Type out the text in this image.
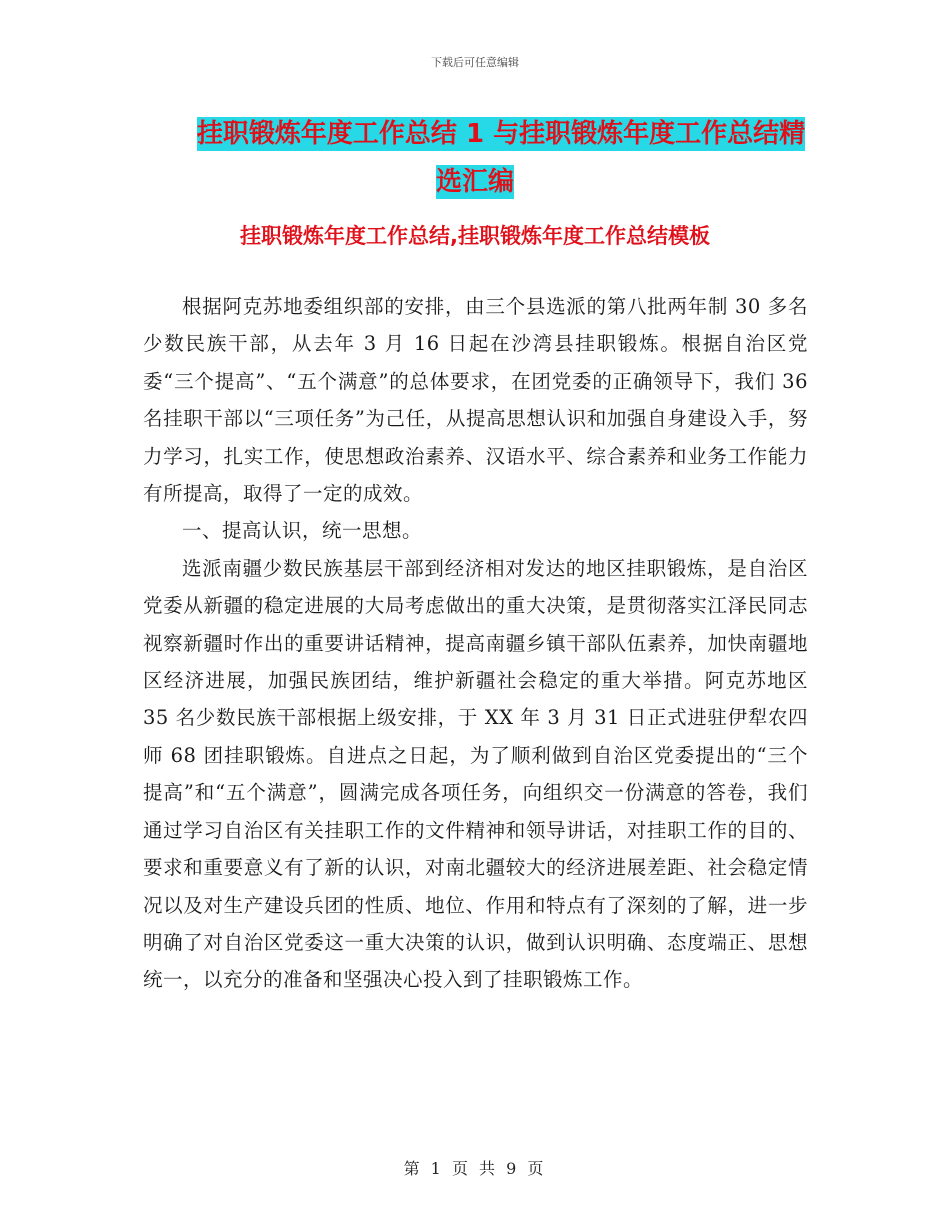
下载后可任意编辑
挂职锻炼年度工作总结 1 与挂职锻炼年度工作总结精
选汇编
挂职锻炼年度工作总结,挂职锻炼年度工作总结模板

根据阿克苏地委组织部的安排，由三个县选派的第八批两年制 30 多名少数民族干部，从去年 3 月 16 日起在沙湾县挂职锻炼。根据自治区党委“三个提高”、“五个满意”的总体要求，在团党委的正确领导下，我们 36 名挂职干部以“三项任务”为己任，从提高思想认识和加强自身建设入手，努力学习，扎实工作，使思想政治素养、汉语水平、综合素养和业务工作能力有所提高，取得了一定的成效。

一、提高认识，统一思想。

选派南疆少数民族基层干部到经济相对发达的地区挂职锻炼，是自治区党委从新疆的稳定进展的大局考虑做出的重大决策，是贯彻落实江泽民同志视察新疆时作出的重要讲话精神，提高南疆乡镇干部队伍素养，加快南疆地区经济进展，加强民族团结，维护新疆社会稳定的重大举措。阿克苏地区 35 名少数民族干部根据上级安排，于 XX 年 3 月 31 日正式进驻伊犁农四师 68 团挂职锻炼。自进点之日起，为了顺利做到自治区党委提出的“三个提高”和“五个满意”，圆满完成各项任务，向组织交一份满意的答卷，我们通过学习自治区有关挂职工作的文件精神和领导讲话，对挂职工作的目的、要求和重要意义有了新的认识，对南北疆较大的经济进展差距、社会稳定情况以及对生产建设兵团的性质、地位、作用和特点有了深刻的了解，进一步明确了对自治区党委这一重大决策的认识，做到认识明确、态度端正、思想统一，以充分的准备和坚强决心投入到了挂职锻炼工作。

第 1 页 共 9 页
